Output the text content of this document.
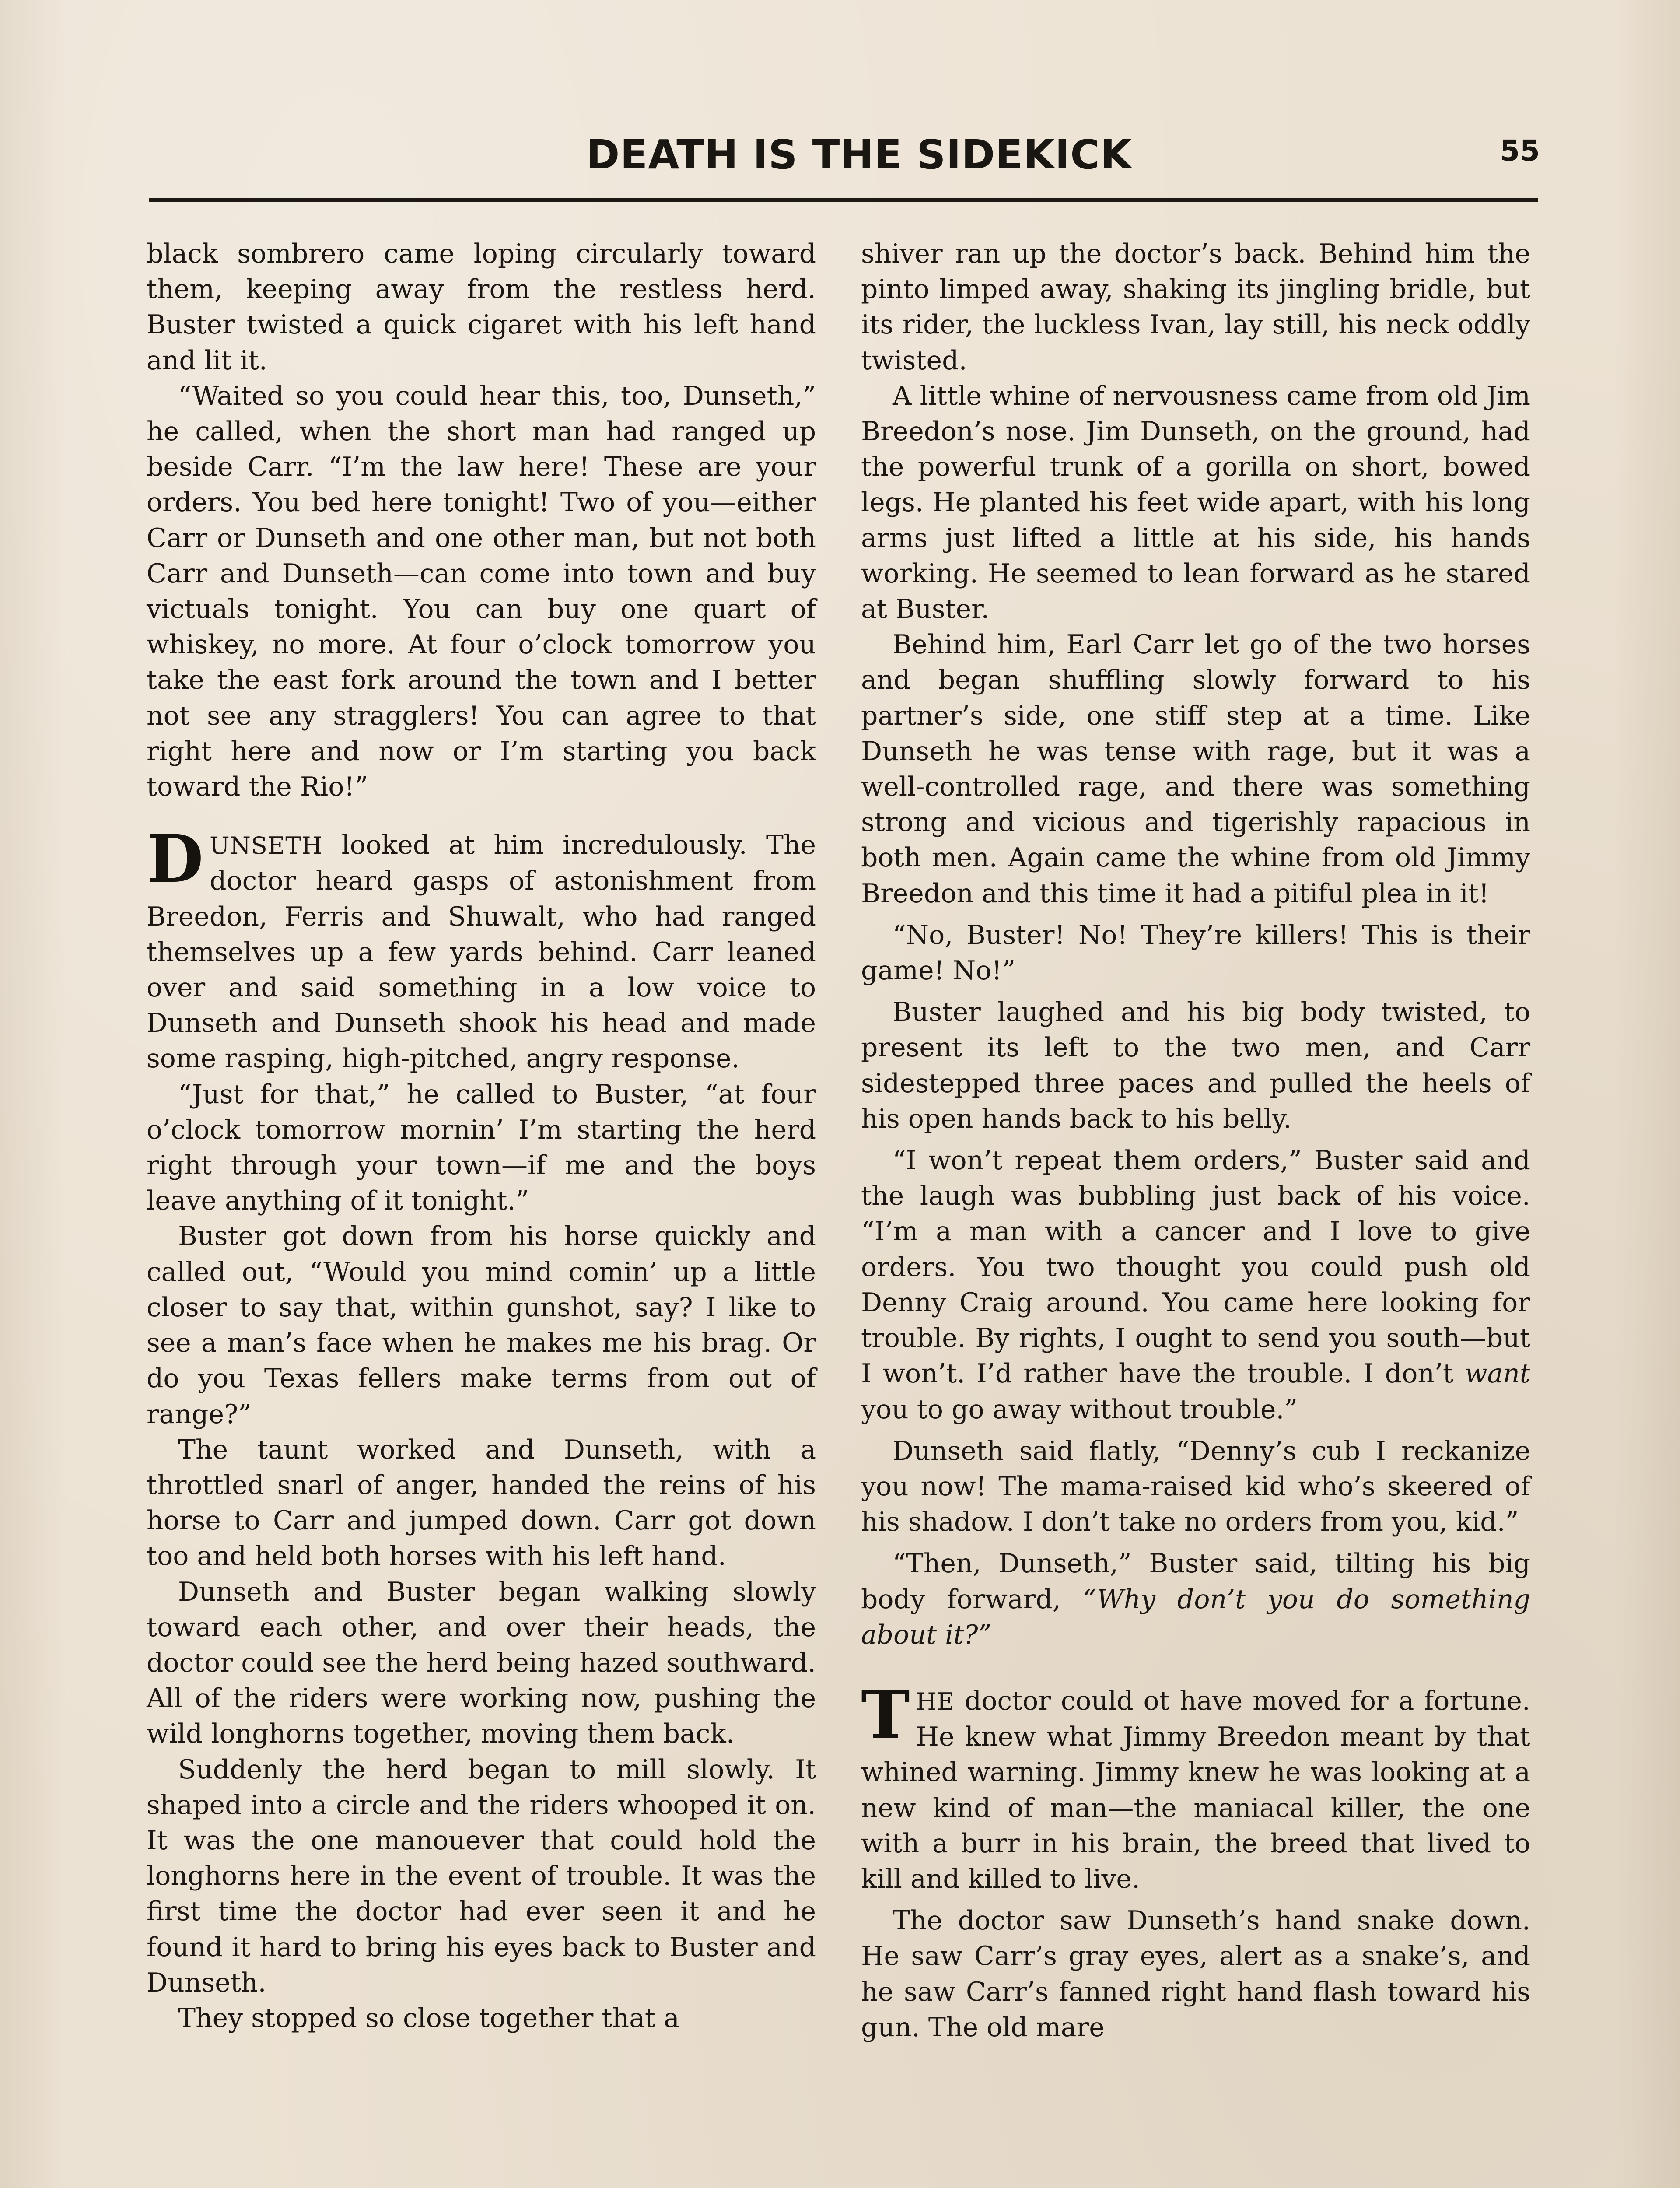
DEATH IS THE SIDEKICK	55

black sombrero came loping circularly toward them, keeping away from the restless herd. Buster twisted a quick cigaret with his left hand and lit it.

“Waited so you could hear this, too, Dunseth,” he called, when the short man had ranged up beside Carr. “I’m the law here! These are your orders. You bed here tonight! Two of you—either Carr or Dunseth and one other man, but not both Carr and Dunseth—can come into town and buy victuals tonight. You can buy one quart of whiskey, no more. At four o’clock tomorrow you take the east fork around the town and I better not see any stragglers! You can agree to that right here and now or I’m starting you back toward the Rio!”

DUNSETH looked at him incredulously. The doctor heard gasps of astonishment from Breedon, Ferris and Shuwalt, who had ranged themselves up a few yards behind. Carr leaned over and said something in a low voice to Dunseth and Dunseth shook his head and made some rasping, high-pitched, angry response.

“Just for that,” he called to Buster, “at four o’clock tomorrow mornin’ I’m starting the herd right through your town—if me and the boys leave anything of it tonight.”

Buster got down from his horse quickly and called out, “Would you mind comin’ up a little closer to say that, within gunshot, say? I like to see a man’s face when he makes me his brag. Or do you Texas fellers make terms from out of range?”

The taunt worked and Dunseth, with a throttled snarl of anger, handed the reins of his horse to Carr and jumped down. Carr got down too and held both horses with his left hand.

Dunseth and Buster began walking slowly toward each other, and over their heads, the doctor could see the herd being hazed southward. All of the riders were working now, pushing the wild longhorns together, moving them back.

Suddenly the herd began to mill slowly. It shaped into a circle and the riders whooped it on. It was the one manouever that could hold the longhorns here in the event of trouble. It was the first time the doctor had ever seen it and he found it hard to bring his eyes back to Buster and Dunseth.

They stopped so close together that a

shiver ran up the doctor’s back. Behind him the pinto limped away, shaking its jingling bridle, but its rider, the luckless Ivan, lay still, his neck oddly twisted.

A little whine of nervousness came from old Jim Breedon’s nose. Jim Dunseth, on the ground, had the powerful trunk of a gorilla on short, bowed legs. He planted his feet wide apart, with his long arms just lifted a little at his side, his hands working. He seemed to lean forward as he stared at Buster.

Behind him, Earl Carr let go of the two horses and began shuffling slowly forward to his partner’s side, one stiff step at a time. Like Dunseth he was tense with rage, but it was a well-controlled rage, and there was something strong and vicious and tigerishly rapacious in both men. Again came the whine from old Jimmy Breedon and this time it had a pitiful plea in it!

“No, Buster! No! They’re killers! This is their game! No!”

Buster laughed and his big body twisted, to present its left to the two men, and Carr sidestepped three paces and pulled the heels of his open hands back to his belly.

“I won’t repeat them orders,” Buster said and the laugh was bubbling just back of his voice. “I’m a man with a cancer and I love to give orders. You two thought you could push old Denny Craig around. You came here looking for trouble. By rights, I ought to send you south—but I won’t. I’d rather have the trouble. I don’t want you to go away without trouble.”

Dunseth said flatly, “Denny’s cub I reckanize you now! The mama-raised kid who’s skeered of his shadow. I don’t take no orders from you, kid.”

“Then, Dunseth,” Buster said, tilting his big body forward, “Why don’t you do something about it?”

THE doctor could ot have moved for a fortune. He knew what Jimmy Breedon meant by that whined warning. Jimmy knew he was looking at a new kind of man—the maniacal killer, the one with a burr in his brain, the breed that lived to kill and killed to live.

The doctor saw Dunseth’s hand snake down. He saw Carr’s gray eyes, alert as a snake’s, and he saw Carr’s fanned right hand flash toward his gun. The old mare
